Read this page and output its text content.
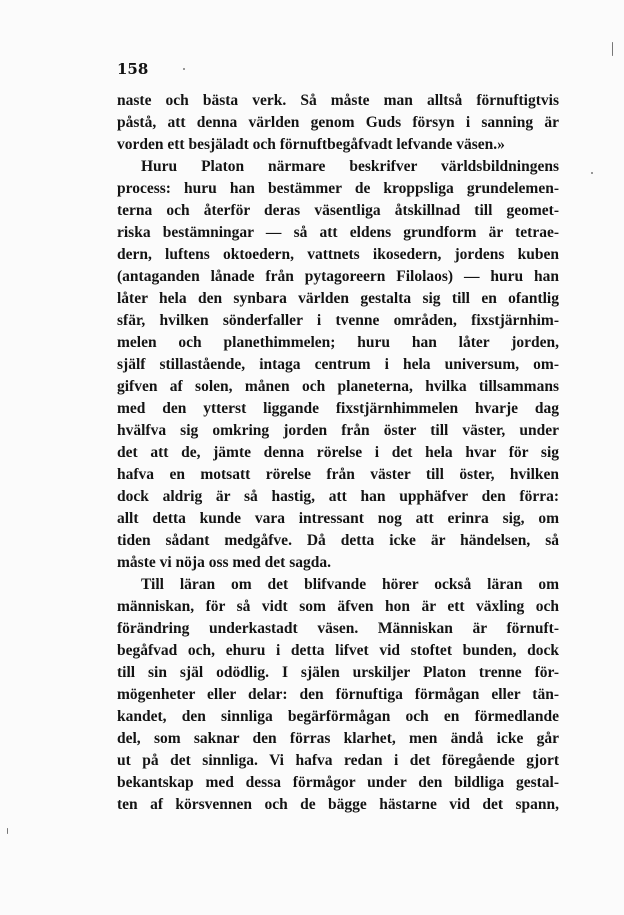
158
naste och bästa verk. Så måste man alltså förnuftigtvis
påstå, att denna världen genom Guds försyn i sanning är
vorden ett besjäladt och förnuftbegåfvadt lefvande väsen.»
Huru Platon närmare beskrifver världsbildningens
process: huru han bestämmer de kroppsliga grundelemen-
terna och återför deras väsentliga åtskillnad till geomet-
riska bestämningar — så att eldens grundform är tetrae-
dern, luftens oktoedern, vattnets ikosedern, jordens kuben
(antaganden lånade från pytagoreern Filolaos) — huru han
låter hela den synbara världen gestalta sig till en ofantlig
sfär, hvilken sönderfaller i tvenne områden, fixstjärnhim-
melen och planethimmelen; huru han låter jorden,
själf stillastående, intaga centrum i hela universum, om-
gifven af solen, månen och planeterna, hvilka tillsammans
med den ytterst liggande fixstjärnhimmelen hvarje dag
hvälfva sig omkring jorden från öster till väster, under
det att de, jämte denna rörelse i det hela hvar för sig
hafva en motsatt rörelse från väster till öster, hvilken
dock aldrig är så hastig, att han upphäfver den förra:
allt detta kunde vara intressant nog att erinra sig, om
tiden sådant medgåfve. Då detta icke är händelsen, så
måste vi nöja oss med det sagda.
Till läran om det blifvande hörer också läran om
människan, för så vidt som äfven hon är ett växling och
förändring underkastadt väsen. Människan är förnuft-
begåfvad och, ehuru i detta lifvet vid stoftet bunden, dock
till sin själ odödlig. I själen urskiljer Platon trenne för-
mögenheter eller delar: den förnuftiga förmågan eller tän-
kandet, den sinnliga begärförmågan och en förmedlande
del, som saknar den förras klarhet, men ändå icke går
ut på det sinnliga. Vi hafva redan i det föregående gjort
bekantskap med dessa förmågor under den bildliga gestal-
ten af körsvennen och de bägge hästarne vid det spann,
